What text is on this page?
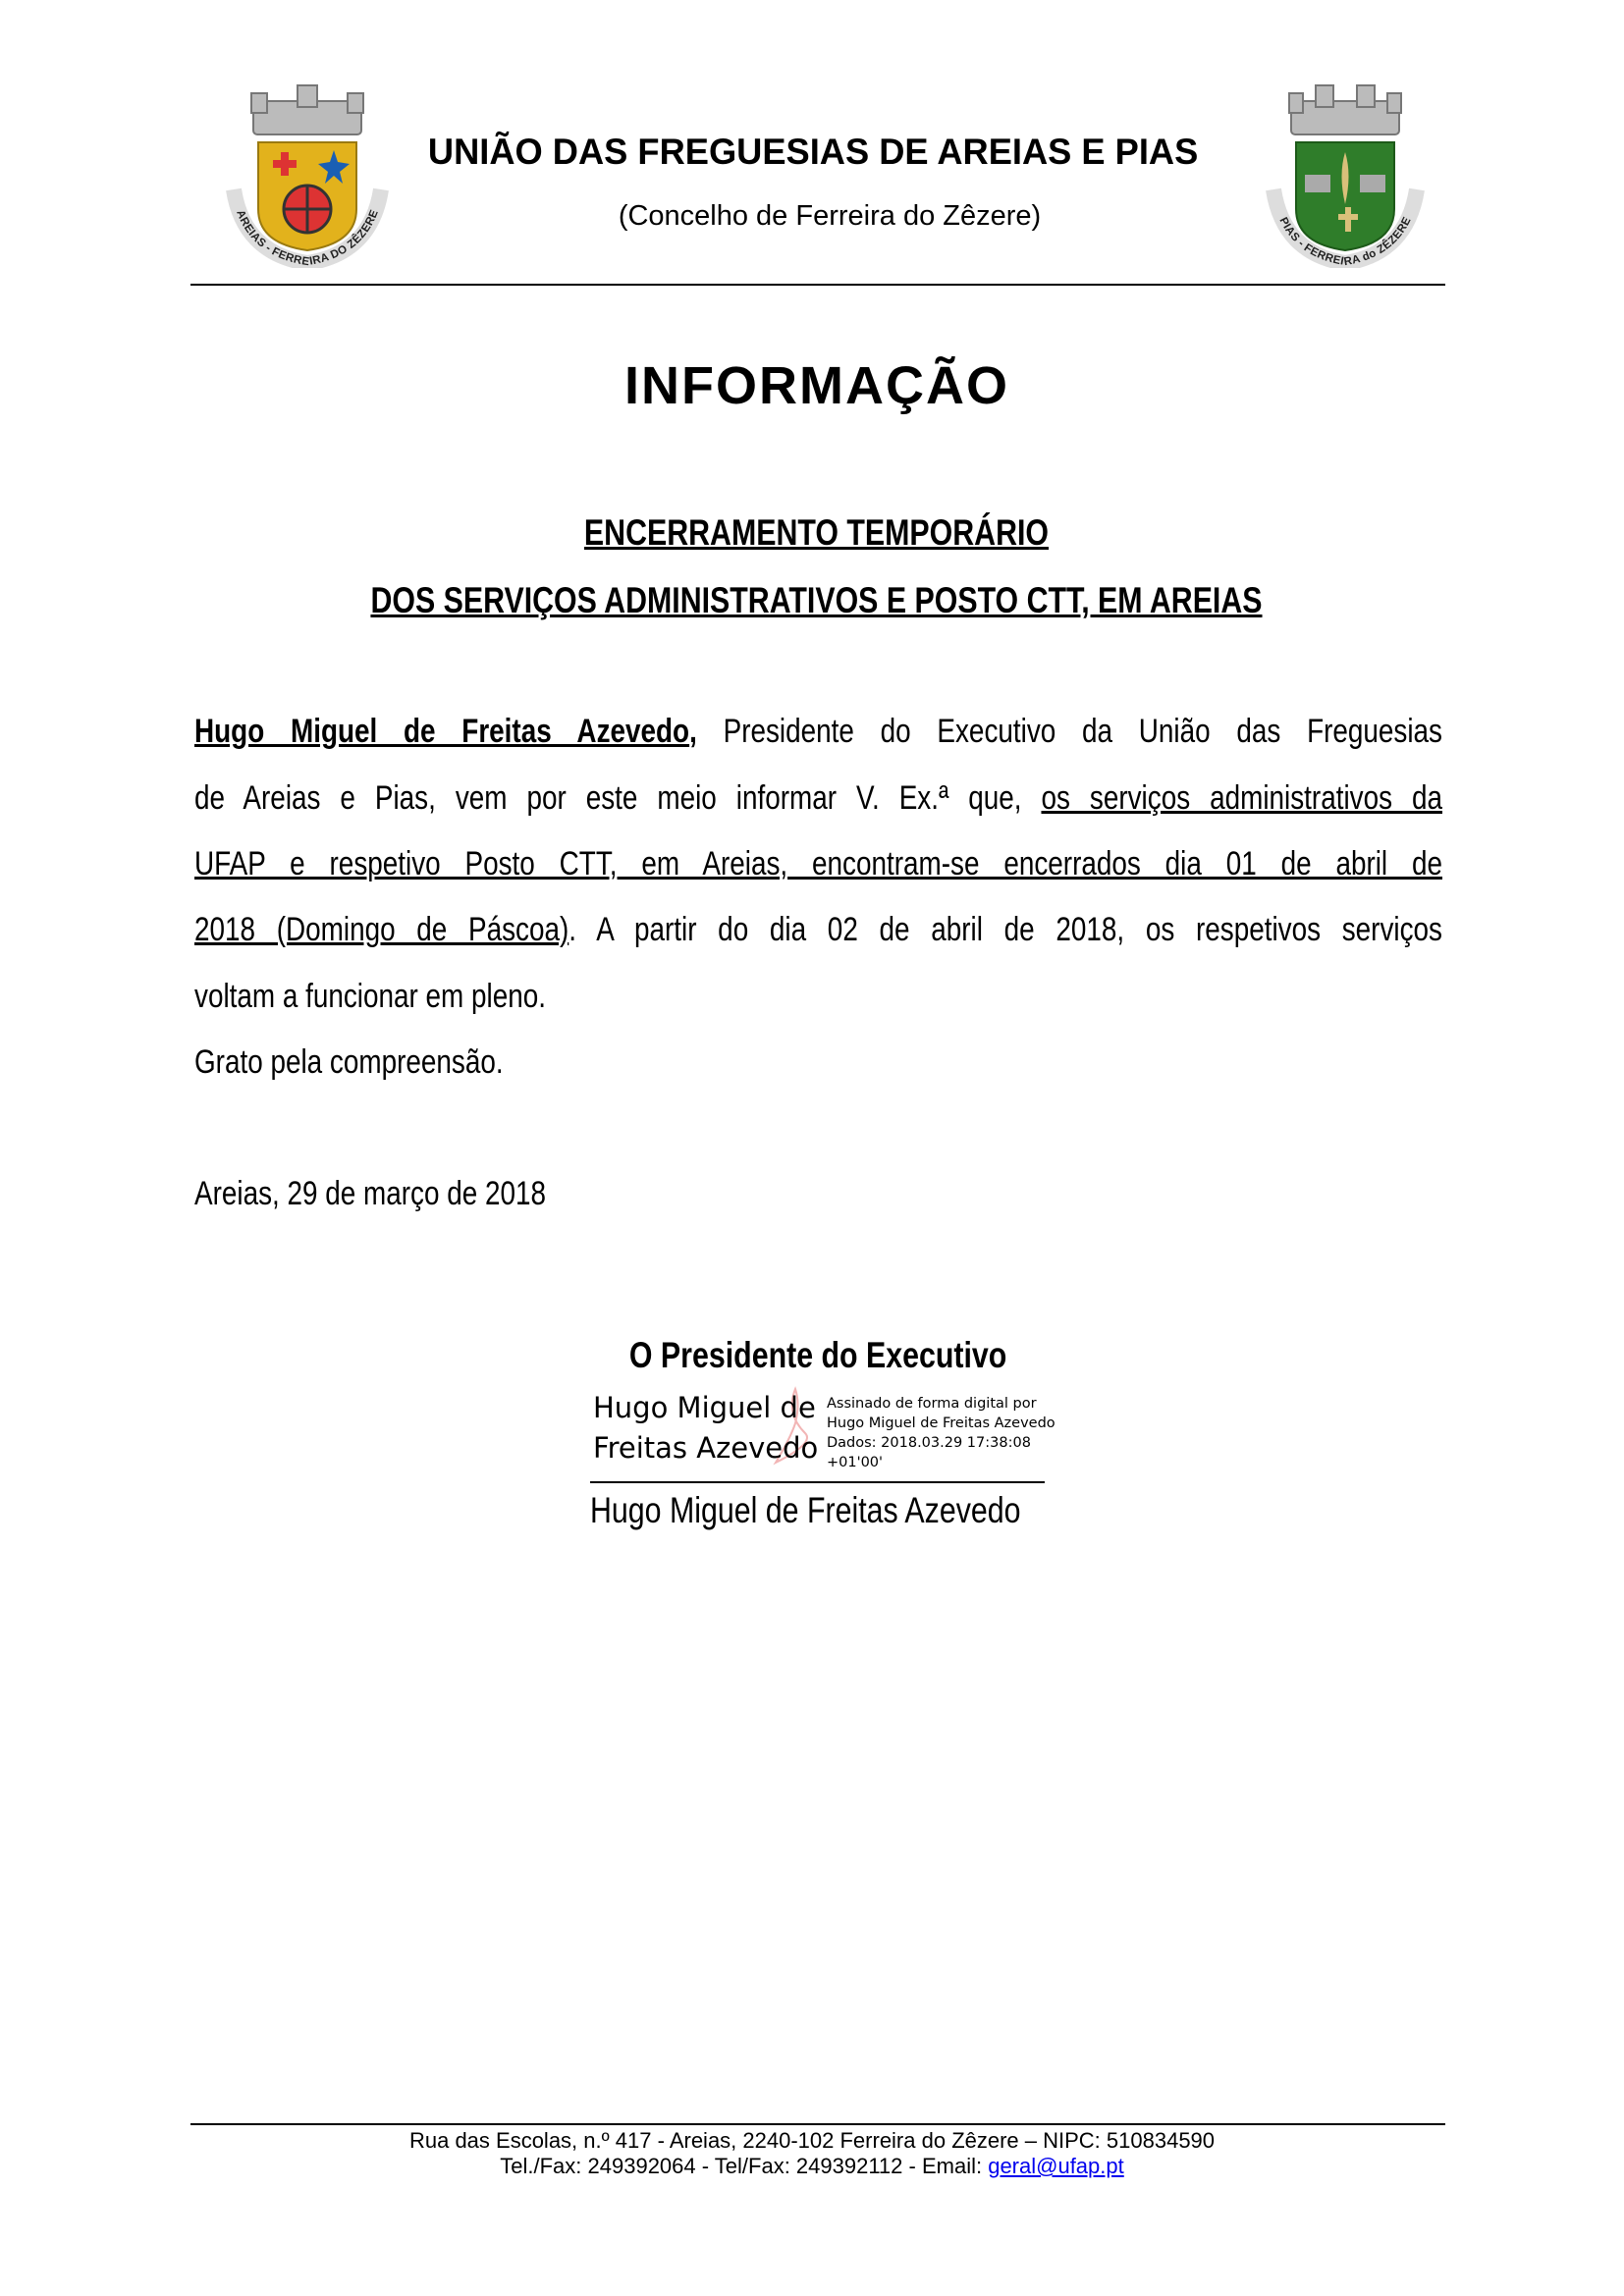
AREIAS - FERREIRA DO ZÊZERE
UNIÃO DAS FREGUESIAS DE AREIAS E PIAS
(Concelho de Ferreira do Zêzere)	PIAS - FERREIRA do ZÊZERE
INFORMAÇÃO
ENCERRAMENTO TEMPORÁRIO
DOS SERVIÇOS ADMINISTRATIVOS E POSTO CTT, EM AREIAS
Hugo Miguel de Freitas Azevedo, Presidente do Executivo da União das Freguesias
de Areias e Pias, vem por este meio informar V. Ex.ª que, os serviços administrativos da
UFAP e respetivo Posto CTT, em Areias, encontram-se encerrados dia 01 de abril de
2018 (Domingo de Páscoa). A partir do dia 02 de abril de 2018, os respetivos serviços
voltam a funcionar em pleno.
Grato pela compreensão.
Areias, 29 de março de 2018
O Presidente do Executivo
Hugo Miguel de
Freitas Azevedo
Assinado de forma digital por
Hugo Miguel de Freitas Azevedo
Dados: 2018.03.29 17:38:08
+01'00'
Hugo Miguel de Freitas Azevedo
Rua das Escolas, n.º 417 - Areias, 2240-102 Ferreira do Zêzere – NIPC: 510834590
Tel./Fax: 249392064 - Tel/Fax: 249392112 - Email: geral@ufap.pt
